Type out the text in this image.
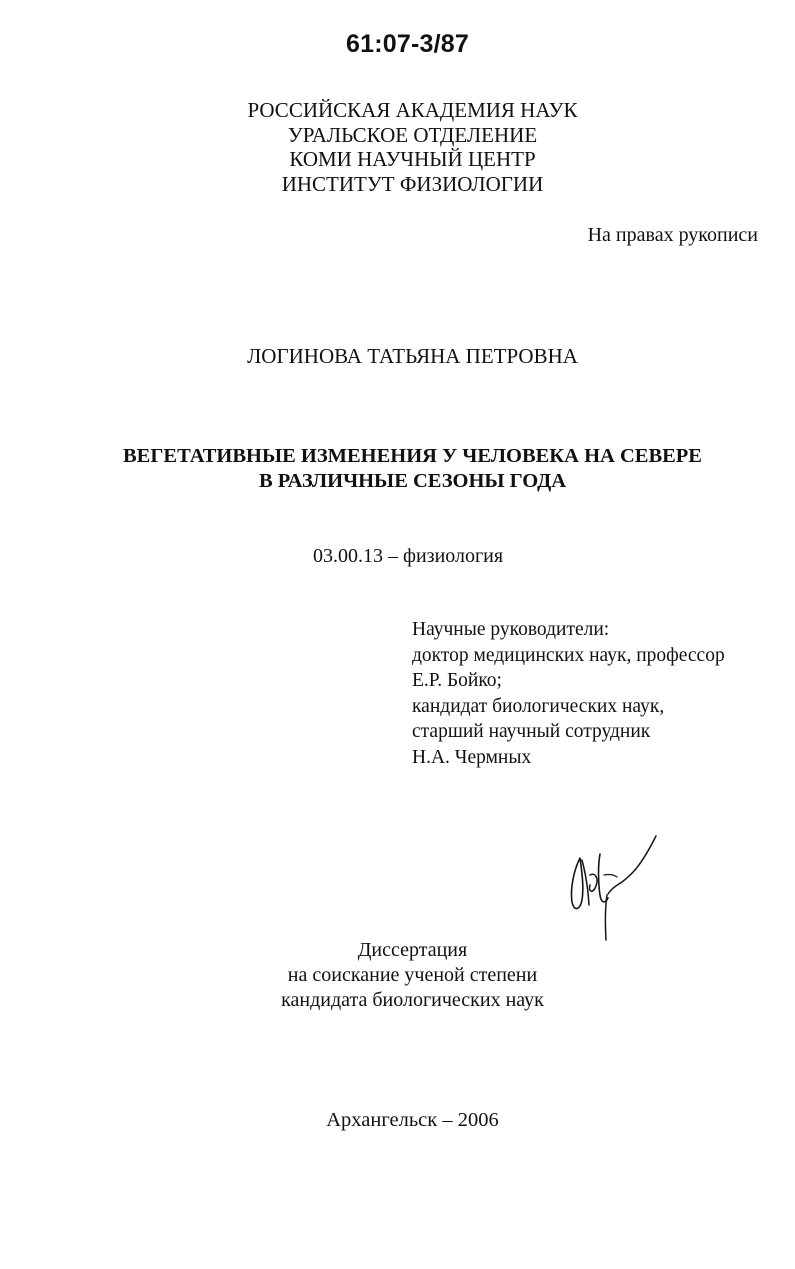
61:07-3/87
РОССИЙСКАЯ АКАДЕМИЯ НАУК
УРАЛЬСКОЕ ОТДЕЛЕНИЕ
КОМИ НАУЧНЫЙ ЦЕНТР
ИНСТИТУТ ФИЗИОЛОГИИ
На правах рукописи
ЛОГИНОВА ТАТЬЯНА ПЕТРОВНА
ВЕГЕТАТИВНЫЕ ИЗМЕНЕНИЯ У ЧЕЛОВЕКА НА СЕВЕРЕ
В РАЗЛИЧНЫЕ СЕЗОНЫ ГОДА
03.00.13 – физиология
Научные руководители:
доктор медицинских наук, профессор
Е.Р. Бойко;
кандидат биологических наук,
старший научный сотрудник
Н.А. Чермных
Диссертация
на соискание ученой степени
кандидата биологических наук
Архангельск – 2006
